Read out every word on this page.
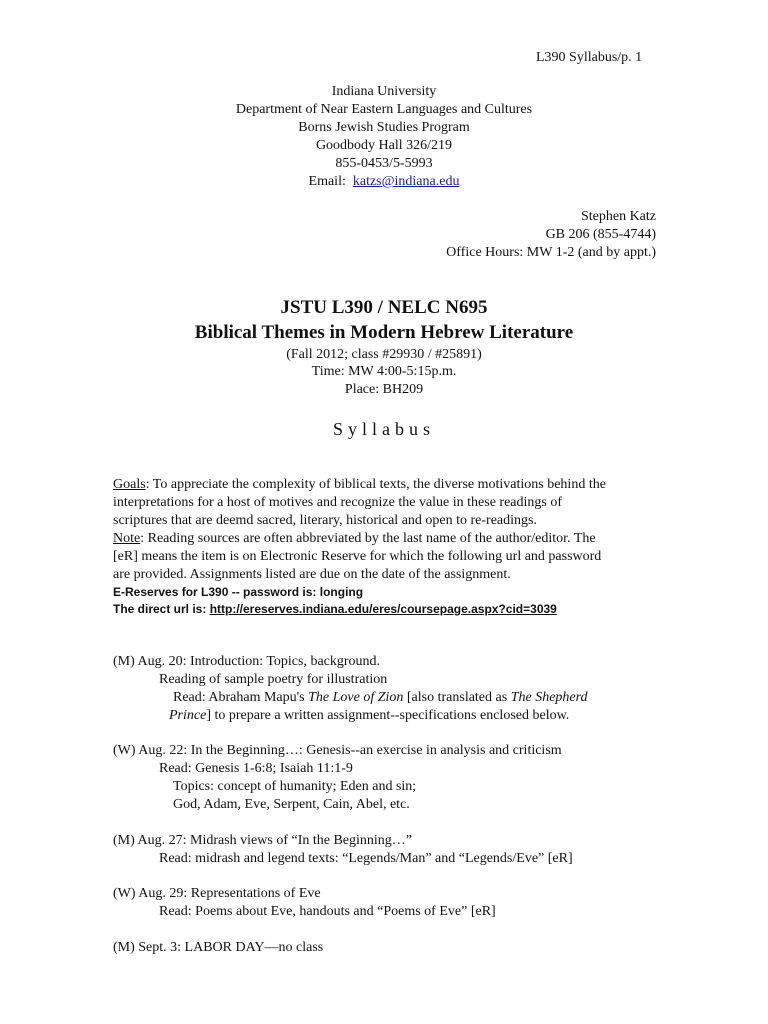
L390 Syllabus/p. 1
Indiana University
Department of Near Eastern Languages and Cultures
Borns Jewish Studies Program
Goodbody Hall 326/219
855-0453/5-5993
Email: katzs@indiana.edu
Stephen Katz
GB 206 (855-4744)
Office Hours: MW 1-2 (and by appt.)
JSTU L390 / NELC N695
Biblical Themes in Modern Hebrew Literature
(Fall 2012; class #29930 / #25891)
Time: MW 4:00-5:15p.m.
Place: BH209
Syllabus
Goals: To appreciate the complexity of biblical texts, the diverse motivations behind the
interpretations for a host of motives and recognize the value in these readings of
scriptures that are deemd sacred, literary, historical and open to re-readings.
Note: Reading sources are often abbreviated by the last name of the author/editor. The
[eR] means the item is on Electronic Reserve for which the following url and password
are provided. Assignments listed are due on the date of the assignment.
E-Reserves for L390 -- password is: longing
The direct url is: http://ereserves.indiana.edu/eres/coursepage.aspx?cid=3039
(M) Aug. 20: Introduction: Topics, background.
Reading of sample poetry for illustration
Read: Abraham Mapu's The Love of Zion [also translated as The Shepherd
Prince] to prepare a written assignment--specifications enclosed below.
(W) Aug. 22: In the Beginning…: Genesis--an exercise in analysis and criticism
Read: Genesis 1-6:8; Isaiah 11:1-9
Topics: concept of humanity; Eden and sin;
God, Adam, Eve, Serpent, Cain, Abel, etc.
(M) Aug. 27: Midrash views of “In the Beginning…”
Read: midrash and legend texts: “Legends/Man” and “Legends/Eve” [eR]
(W) Aug. 29: Representations of Eve
Read: Poems about Eve, handouts and “Poems of Eve” [eR]
(M) Sept. 3: LABOR DAY—no class
